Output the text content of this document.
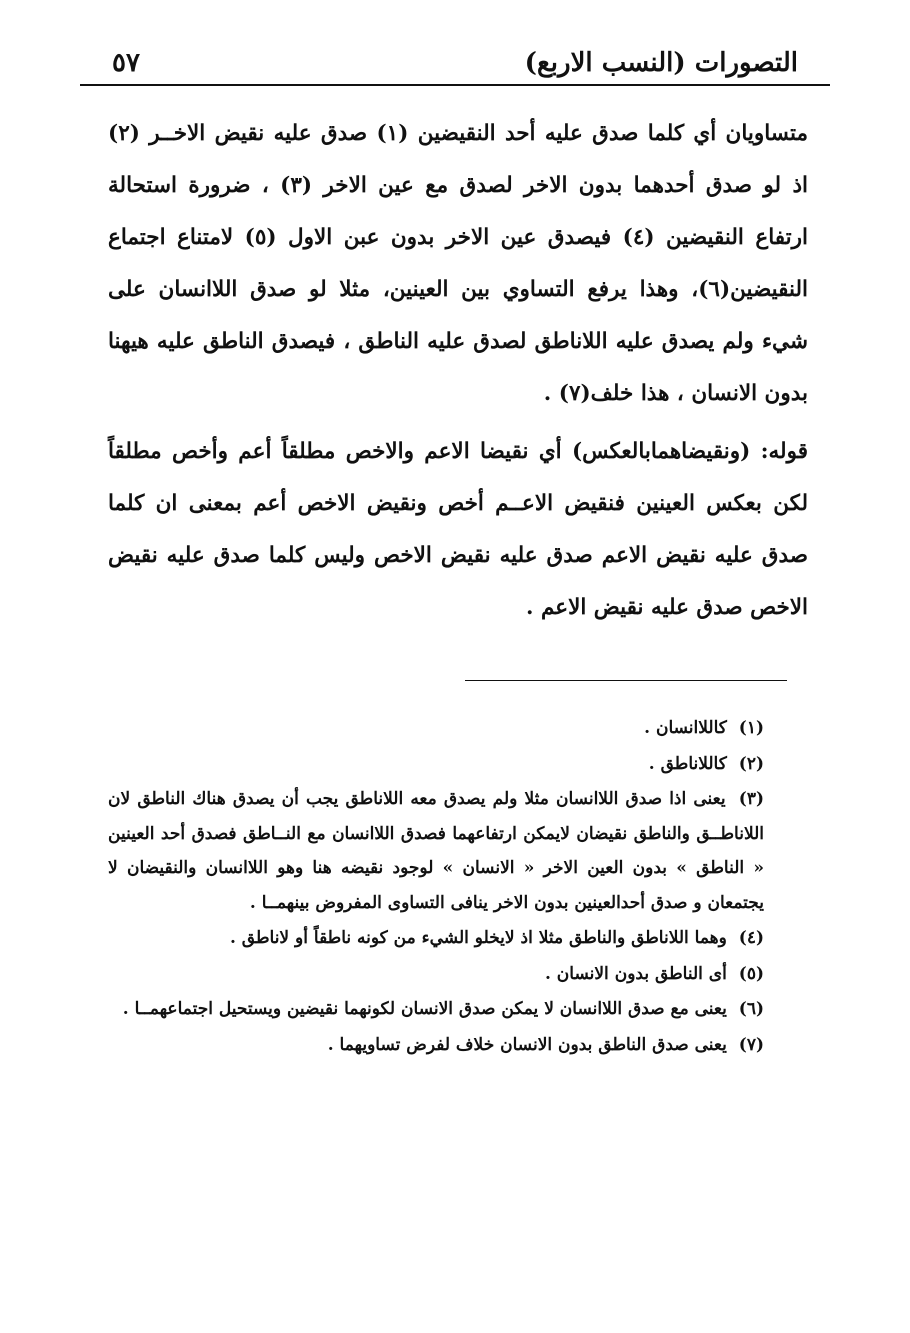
التصورات (النسب الاربع)
٥٧

متساويان أي كلما صدق عليه أحد النقيضين (١) صدق عليه نقيض الاخــر (٢) اذ لو صدق أحدهما بدون الاخر لصدق مع عين الاخر (٣) ، ضرورة استحالة ارتفاع النقيضين (٤) فيصدق عين الاخر بدون عبن الاول (٥) لامتناع اجتماع النقيضين(٦)، وهذا يرفع التساوي بين العينين، مثلا لو صدق اللاانسان على شيء ولم يصدق عليه اللاناطق لصدق عليه الناطق ، فيصدق الناطق عليه هيهنا بدون الانسان ، هذا خلف(٧) .

قوله: (ونقيضاهمابالعكس) أي نقيضا الاعم والاخص مطلقاً أعم وأخص مطلقاً لكن بعكس العينين فنقيض الاعــم أخص ونقيض الاخص أعم بمعنى ان كلما صدق عليه نقيض الاعم صدق عليه نقيض الاخص وليس كلما صدق عليه نقيض الاخص صدق عليه نقيض الاعم .

(١) كاللاانسان .

(٢) كاللاناطق .

(٣) يعنى اذا صدق اللاانسان مثلا ولم يصدق معه اللاناطق يجب أن يصدق هناك الناطق لان اللاناطــق والناطق نقيضان لايمكن ارتفاعهما فصدق اللاانسان مع النــاطق فصدق أحد العينين « الناطق » بدون العين الاخر « الانسان » لوجود نقيضه هنا وهو اللاانسان والنقيضان لا يجتمعان و صدق أحدالعينين بدون الاخر ينافى التساوى المفروض بينهمــا .

(٤) وهما اللاناطق والناطق مثلا اذ لايخلو الشيء من كونه ناطقاً أو لاناطق .

(٥) أى الناطق بدون الانسان .

(٦) يعنى مع صدق اللاانسان لا يمكن صدق الانسان لكونهما نقيضين ويستحيل اجتماعهمــا .

(٧) يعنى صدق الناطق بدون الانسان خلاف لفرض تساويهما .
